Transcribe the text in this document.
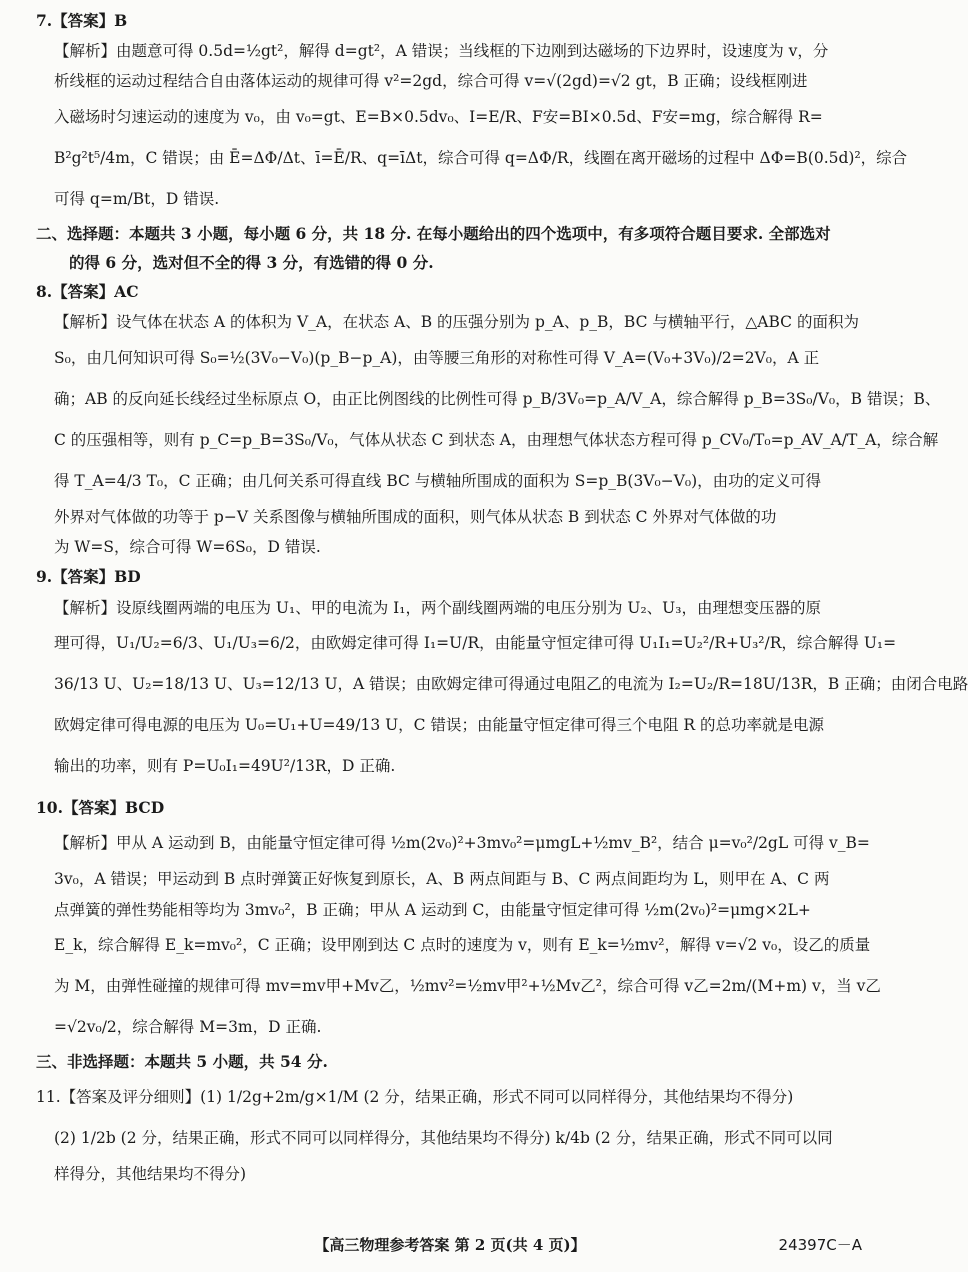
7.【答案】B
【解析】由题意可得 0.5d=½gt²，解得 d=gt²，A 错误；当线框的下边刚到达磁场的下边界时，设速度为 v，分
析线框的运动过程结合自由落体运动的规律可得 v²=2gd，综合可得 v=√(2gd)=√2 gt，B 正确；设线框刚进
入磁场时匀速运动的速度为 v₀，由 v₀=gt、E=B×0.5dv₀、I=E/R、F安=BI×0.5d、F安=mg，综合解得 R=
B²g²t⁵/4m，C 错误；由 Ē=ΔΦ/Δt、ī=Ē/R、q=īΔt，综合可得 q=ΔΦ/R，线圈在离开磁场的过程中 ΔΦ=B(0.5d)²，综合
可得 q=m/Bt，D 错误.
二、选择题：本题共 3 小题，每小题 6 分，共 18 分. 在每小题给出的四个选项中，有多项符合题目要求. 全部选对
的得 6 分，选对但不全的得 3 分，有选错的得 0 分.
8.【答案】AC
【解析】设气体在状态 A 的体积为 V_A，在状态 A、B 的压强分别为 p_A、p_B，BC 与横轴平行，△ABC 的面积为
S₀，由几何知识可得 S₀=½(3V₀−V₀)(p_B−p_A)，由等腰三角形的对称性可得 V_A=(V₀+3V₀)/2=2V₀，A 正
确；AB 的反向延长线经过坐标原点 O，由正比例图线的比例性可得 p_B/3V₀=p_A/V_A，综合解得 p_B=3S₀/V₀，B 错误；B、
C 的压强相等，则有 p_C=p_B=3S₀/V₀，气体从状态 C 到状态 A，由理想气体状态方程可得 p_CV₀/T₀=p_AV_A/T_A，综合解
得 T_A=4/3 T₀，C 正确；由几何关系可得直线 BC 与横轴所围成的面积为 S=p_B(3V₀−V₀)，由功的定义可得
外界对气体做的功等于 p−V 关系图像与横轴所围成的面积，则气体从状态 B 到状态 C 外界对气体做的功
为 W=S，综合可得 W=6S₀，D 错误.
9.【答案】BD
【解析】设原线圈两端的电压为 U₁、甲的电流为 I₁，两个副线圈两端的电压分别为 U₂、U₃，由理想变压器的原
理可得，U₁/U₂=6/3、U₁/U₃=6/2，由欧姆定律可得 I₁=U/R，由能量守恒定律可得 U₁I₁=U₂²/R+U₃²/R，综合解得 U₁=
36/13 U、U₂=18/13 U、U₃=12/13 U，A 错误；由欧姆定律可得通过电阻乙的电流为 I₂=U₂/R=18U/13R，B 正确；由闭合电路
欧姆定律可得电源的电压为 U₀=U₁+U=49/13 U，C 错误；由能量守恒定律可得三个电阻 R 的总功率就是电源
输出的功率，则有 P=U₀I₁=49U²/13R，D 正确.
10.【答案】BCD
【解析】甲从 A 运动到 B，由能量守恒定律可得 ½m(2v₀)²+3mv₀²=μmgL+½mv_B²，结合 μ=v₀²/2gL 可得 v_B=
3v₀，A 错误；甲运动到 B 点时弹簧正好恢复到原长，A、B 两点间距与 B、C 两点间距均为 L，则甲在 A、C 两
点弹簧的弹性势能相等均为 3mv₀²，B 正确；甲从 A 运动到 C，由能量守恒定律可得 ½m(2v₀)²=μmg×2L+
E_k，综合解得 E_k=mv₀²，C 正确；设甲刚到达 C 点时的速度为 v，则有 E_k=½mv²，解得 v=√2 v₀，设乙的质量
为 M，由弹性碰撞的规律可得 mv=mv甲+Mv乙，½mv²=½mv甲²+½Mv乙²，综合可得 v乙=2m/(M+m) v，当 v乙
=√2v₀/2，综合解得 M=3m，D 正确.
三、非选择题：本题共 5 小题，共 54 分.
11.【答案及评分细则】(1) 1/2g+2m/g×1/M (2 分，结果正确，形式不同可以同样得分，其他结果均不得分)
(2) 1/2b (2 分，结果正确，形式不同可以同样得分，其他结果均不得分) k/4b (2 分，结果正确，形式不同可以同
样得分，其他结果均不得分)
【高三物理参考答案 第 2 页(共 4 页)】	24397C－A
